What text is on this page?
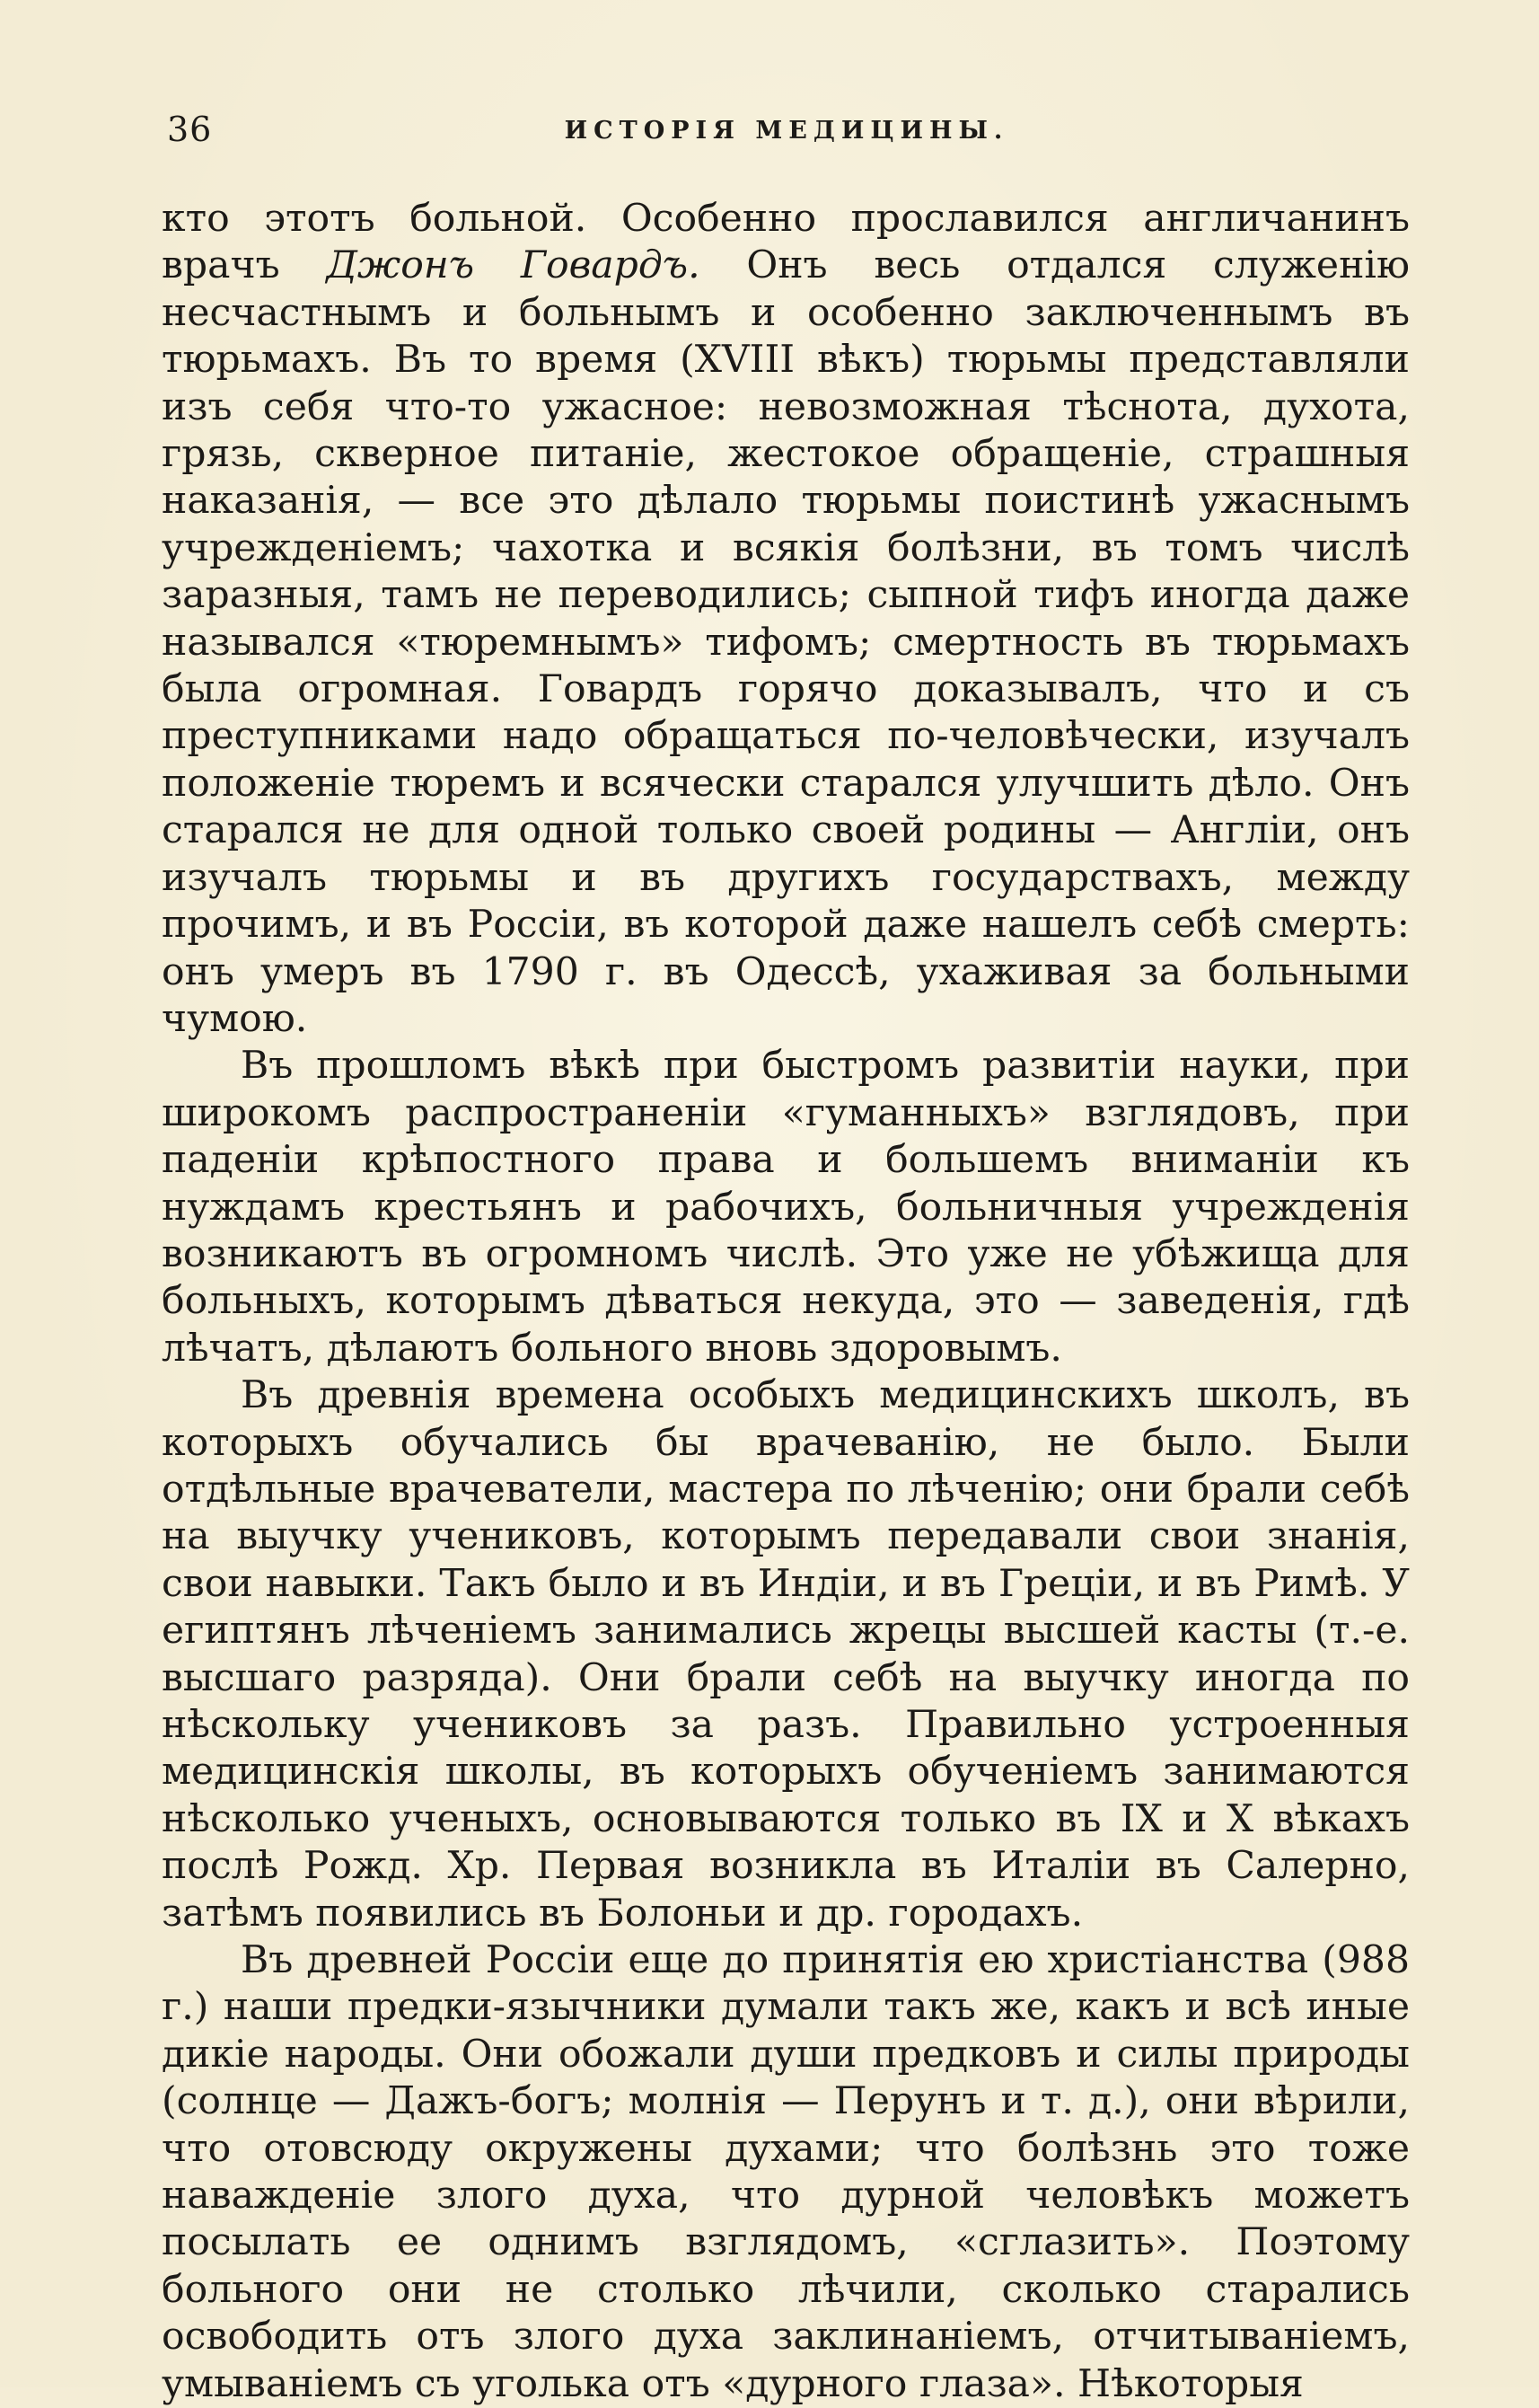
36	ИСТОРІЯ МЕДИЦИНЫ.

кто этотъ больной. Особенно прославился англичанинъ врачъ Джонъ Говардъ. Онъ весь отдался служенію несчастнымъ и больнымъ и особенно заключеннымъ въ тюрьмахъ. Въ то время (XVIII вѣкъ) тюрьмы представляли изъ себя что-то ужасное: невозможная тѣснота, духота, грязь, скверное питаніе, жестокое обращеніе, страшныя наказанія, — все это дѣлало тюрьмы поистинѣ ужаснымъ учрежденіемъ; чахотка и всякія болѣзни, въ томъ числѣ заразныя, тамъ не переводились; сыпной тифъ иногда даже назывался «тюремнымъ» тифомъ; смертность въ тюрьмахъ была огромная. Говардъ горячо доказывалъ, что и съ преступниками надо обращаться по-человѣчески, изучалъ положеніе тюремъ и всячески старался улучшить дѣло. Онъ старался не для одной только своей родины — Англіи, онъ изучалъ тюрьмы и въ другихъ государствахъ, между прочимъ, и въ Россіи, въ которой даже нашелъ себѣ смерть: онъ умеръ въ 1790 г. въ Одессѣ, ухаживая за больными чумою.

Въ прошломъ вѣкѣ при быстромъ развитіи науки, при широкомъ распространеніи «гуманныхъ» взглядовъ, при паденіи крѣпостного права и большемъ вниманіи къ нуждамъ крестьянъ и рабочихъ, больничныя учрежденія возникаютъ въ огромномъ числѣ. Это уже не убѣжища для больныхъ, которымъ дѣваться некуда, это — заведенія, гдѣ лѣчатъ, дѣлаютъ больного вновь здоровымъ.

Въ древнія времена особыхъ медицинскихъ школъ, въ которыхъ обучались бы врачеванію, не было. Были отдѣльные врачеватели, мастера по лѣченію; они брали себѣ на выучку учениковъ, которымъ передавали свои знанія, свои навыки. Такъ было и въ Индіи, и въ Греціи, и въ Римѣ. У египтянъ лѣченіемъ занимались жрецы высшей касты (т.-е. высшаго разряда). Они брали себѣ на выучку иногда по нѣскольку учениковъ за разъ. Правильно устроенныя медицинскія школы, въ которыхъ обученіемъ занимаются нѣсколько ученыхъ, основываются только въ IX и X вѣкахъ послѣ Рожд. Хр. Первая возникла въ Италіи въ Салерно, затѣмъ появились въ Болоньи и др. городахъ.

Въ древней Россіи еще до принятія ею христіанства (988 г.) наши предки-язычники думали такъ же, какъ и всѣ иные дикіе народы. Они обожали души предковъ и силы природы (солнце — Дажъ-богъ; молнія — Перунъ и т. д.), они вѣрили, что отовсюду окружены духами; что болѣзнь это тоже наважденіе злого духа, что дурной человѣкъ можетъ посылать ее однимъ взглядомъ, «сглазить». Поэтому больного они не столько лѣчили, сколько старались освободить отъ злого духа заклинаніемъ, отчитываніемъ, умываніемъ съ уголька отъ «дурного глаза». Нѣкоторыя
